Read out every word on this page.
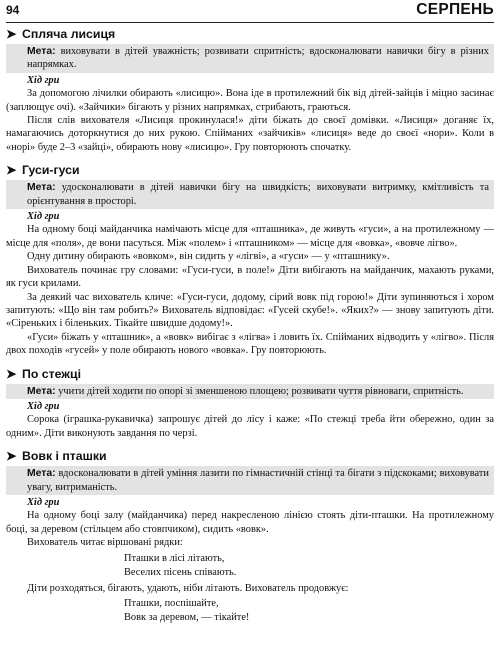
94	СЕРПЕНЬ
➤ Сплячa лисиця
Мета: виховувати в дітей уважність; розвивати спритність; вдосконалювати навички бігу в різних напрямках.
Хід гри

За допомогою лічилки обирають «лисицю». Вона іде в протилежний бік від дітей-зайців і міцно засинає (заплющує очі). «Зайчики» бігають у різних напрямках, стрибають, граються.

Після слів вихователя «Лисиця прокинулася!» діти біжать до своєї домівки. «Лисиця» доганяє їх, намагаючись доторкнутися до них рукою. Спійманих «зайчиків» «лисиця» веде до своєї «нори». Коли в «норі» буде 2–3 «зайці», обирають нову «лисицю». Гру повторюють спочатку.

➤ Гуси-гуси
Мета: удосконалювати в дітей навички бігу на швидкість; виховувати витримку, кмітливість та орієнтування в просторі.
Хід гри

На одному боці майданчика намічають місце для «пташника», де живуть «гуси», а на протилежному — місце для «поля», де вони пасуться. Між «полем» і «пташником» — місце для «вовка», «вовче лігво».

Одну дитину обирають «вовком», він сидить у «лігві», а «гуси» — у «пташнику».

Вихователь починає гру словами: «Гуси-гуси, в поле!» Діти вибігають на майданчик, махають руками, як гуси крилами.

За деякий час вихователь кличе: «Гуси-гуси, додому, сірий вовк під горою!» Діти зупиняються і хором запитують: «Що він там робить?» Вихователь відповідає: «Гусей скубе!». «Яких?» — знову запитують діти. «Сіреньких і біленьких. Тікайте швидше додому!».

«Гуси» біжать у «пташник», а «вовк» вибігає з «лігва» і ловить їх. Спійманих відводить у «лігво». Після двох походів «гусей» у поле обирають нового «вовка». Гру повторюють.

➤ По стежці
Мета: учити дітей ходити по опорі зі зменшеною площею; розвивати чуття рівноваги, спритність.
Хід гри

Сорока (іграшка-рукавичка) запрошує дітей до лісу і каже: «По стежці треба йти обережно, один за одним». Діти виконують завдання по черзі.

➤ Вовк і пташки
Мета: вдосконалювати в дітей уміння лазити по гімнастичній стінці та бігати з підскоками; виховувати увагу, витриманість.
Хід гри

На одному боці залу (майданчика) перед накресленою лінією стоять діти-пташки. На протилежному боці, за деревом (стільцем або стовпчиком), сидить «вовк».

Вихователь читає віршовані рядки:

Пташки в лісі літають,
Веселих пісень співають.

Діти розходяться, бігають, удають, ніби літають. Вихователь продовжує:

Пташки, поспішайте,
Вовк за деревом, — тікайте!
